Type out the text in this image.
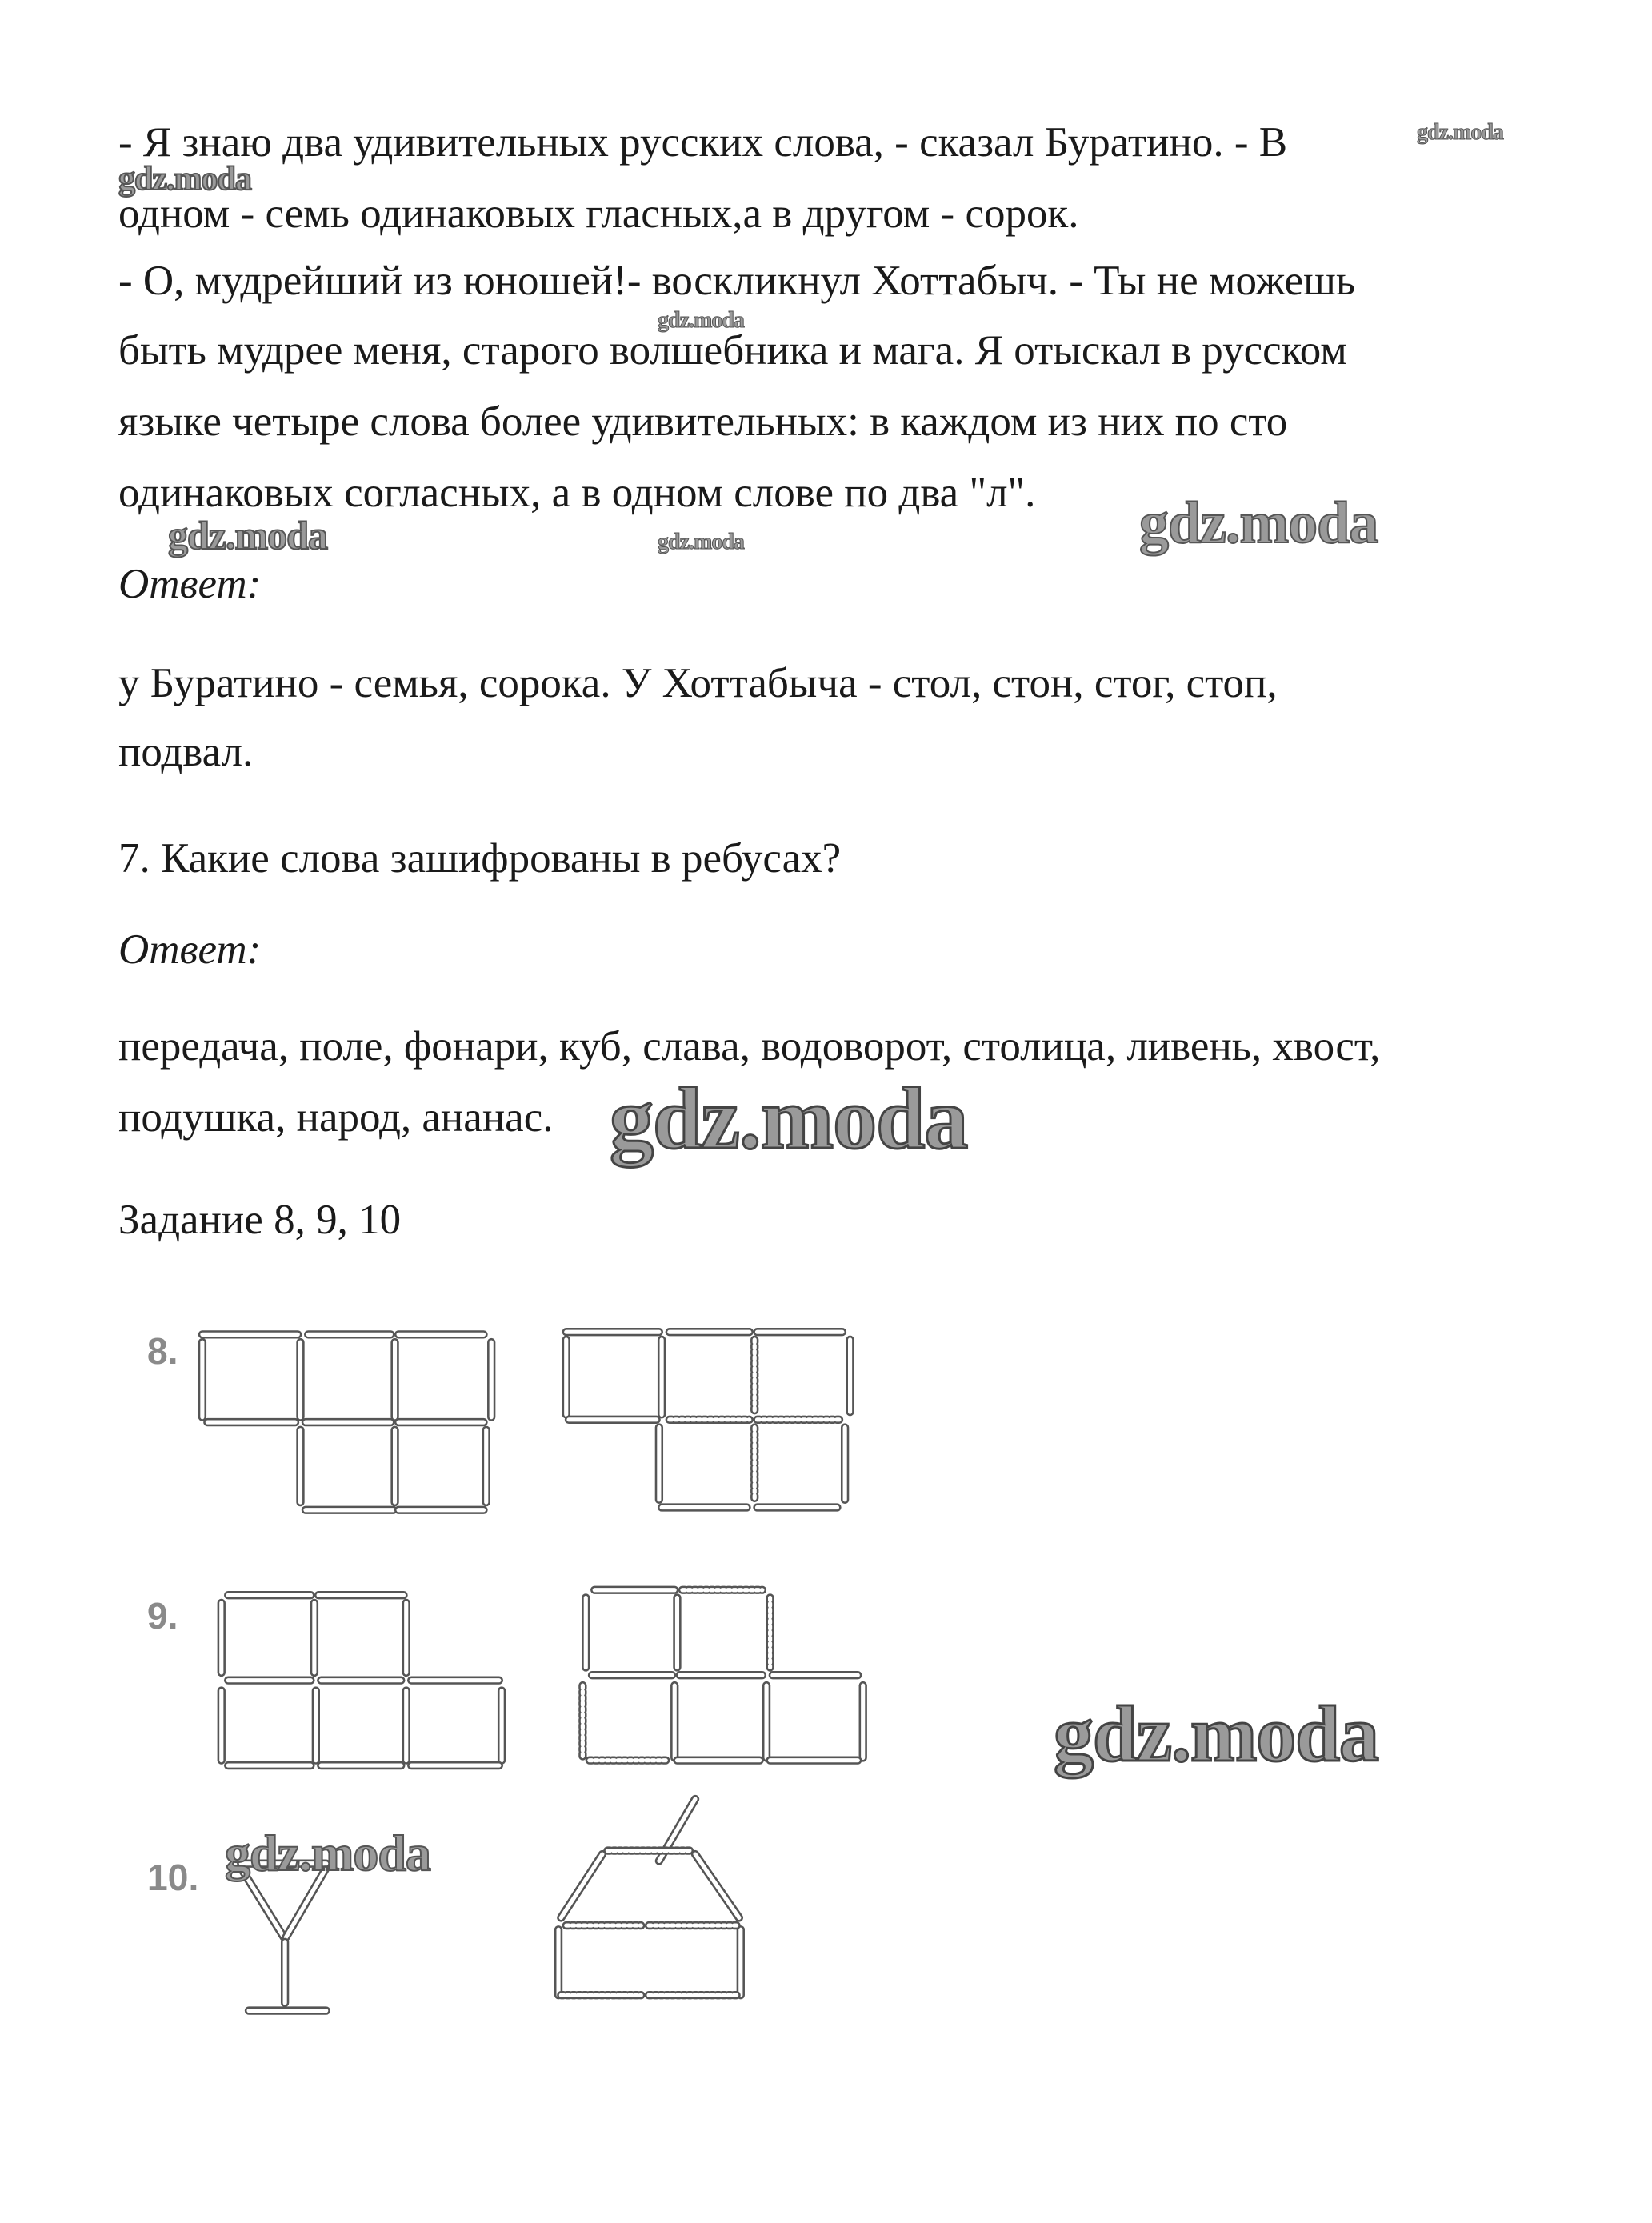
- Я знаю два удивительных русских слова, - сказал Буратино. - В
одном - семь одинаковых гласных,а в другом - сорок.
- О, мудрейший из юношей!- воскликнул Хоттабыч. - Ты не можешь
быть мудрее меня, старого волшебника и мага. Я отыскал в русском
языке четыре слова более удивительных: в каждом из них по сто
одинаковых согласных, а в одном слове по два "л".
Ответ:
у Буратино - семья, сорока. У Хоттабыча - стол, стон, стог, стоп,
подвал.
7. Какие слова зашифрованы в ребусах?
Ответ:
передача, поле, фонари, куб, слава, водоворот, столица, ливень, хвост,
подушка, народ, ананас.
Задание 8, 9, 10
8.
9.
10.
gdz.moda
gdz.moda
gdz.moda
gdz.moda	gdz.moda	gdz.moda
gdz.moda
gdz.moda
gdz.moda
